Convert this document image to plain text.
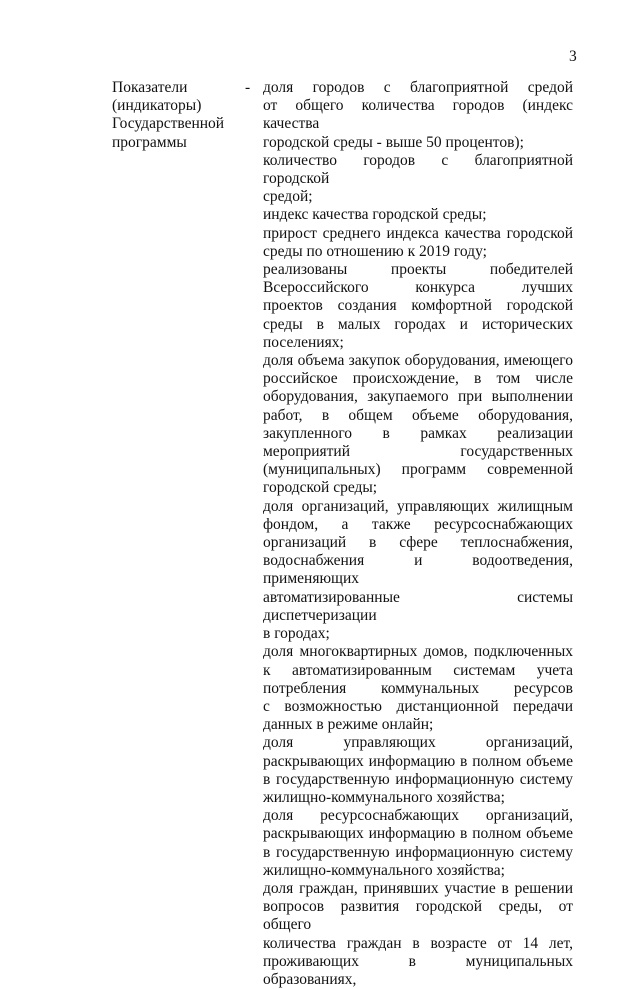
3
Показатели
(индикаторы)
Государственной
программы
- доля городов с благоприятной средой
от общего количества городов (индекс качества
городской среды - выше 50 процентов);
количество городов с благоприятной городской
средой;
индекс качества городской среды;
прирост среднего индекса качества городской
среды по отношению к 2019 году;
реализованы проекты победителей
Всероссийского конкурса лучших
проектов создания комфортной городской
среды в малых городах и исторических
поселениях;
доля объема закупок оборудования, имеющего
российское происхождение, в том числе
оборудования, закупаемого при выполнении
работ, в общем объеме оборудования,
закупленного в рамках реализации
мероприятий государственных
(муниципальных) программ современной
городской среды;
доля организаций, управляющих жилищным
фондом, а также ресурсоснабжающих
организаций в сфере теплоснабжения,
водоснабжения и водоотведения, применяющих
автоматизированные системы диспетчеризации
в городах;
доля многоквартирных домов, подключенных
к автоматизированным системам учета
потребления коммунальных ресурсов
с возможностью дистанционной передачи
данных в режиме онлайн;
доля управляющих организаций,
раскрывающих информацию в полном объеме
в государственную информационную систему
жилищно-коммунального хозяйства;
доля ресурсоснабжающих организаций,
раскрывающих информацию в полном объеме
в государственную информационную систему
жилищно-коммунального хозяйства;
доля граждан, принявших участие в решении
вопросов развития городской среды, от общего
количества граждан в возрасте от 14 лет,
проживающих в муниципальных образованиях,
